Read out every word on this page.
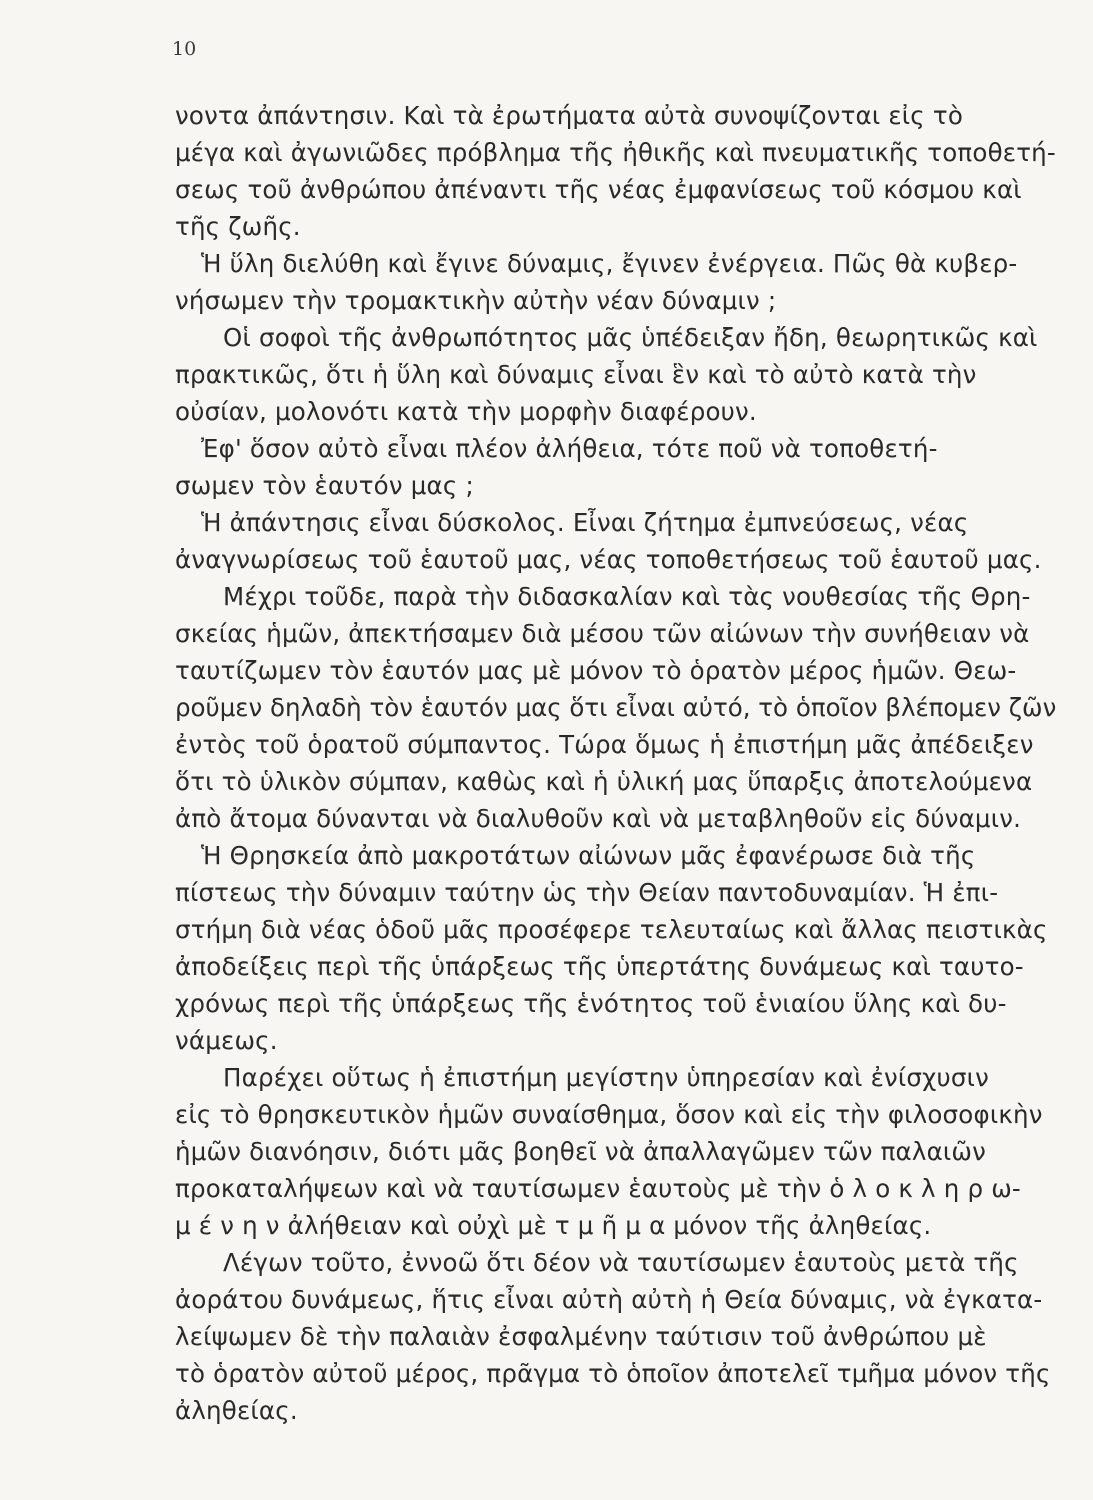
10
νοντα ἀπάντησιν. Καὶ τὰ ἐρωτήματα αὐτὰ συνοψίζονται εἰς τὸ
μέγα καὶ ἀγωνιῶδες πρόβλημα τῆς ἠθικῆς καὶ πνευματικῆς τοποθετή-
σεως τοῦ ἀνθρώπου ἀπέναντι τῆς νέας ἐμφανίσεως τοῦ κόσμου καὶ
τῆς ζωῆς.
Ἡ ὕλη διελύθη καὶ ἔγινε δύναμις, ἔγινεν ἐνέργεια. Πῶς θὰ κυβερ-
νήσωμεν τὴν τρομακτικὴν αὐτὴν νέαν δύναμιν ;
Οἱ σοφοὶ τῆς ἀνθρωπότητος μᾶς ὑπέδειξαν ἤδη, θεωρητικῶς καὶ
πρακτικῶς, ὅτι ἡ ὕλη καὶ δύναμις εἶναι ἓν καὶ τὸ αὐτὸ κατὰ τὴν
οὐσίαν, μολονότι κατὰ τὴν μορφὴν διαφέρουν.
Ἐφ' ὅσον αὐτὸ εἶναι πλέον ἀλήθεια, τότε ποῦ νὰ τοποθετή-
σωμεν τὸν ἑαυτόν μας ;
Ἡ ἀπάντησις εἶναι δύσκολος. Εἶναι ζήτημα ἐμπνεύσεως, νέας
ἀναγνωρίσεως τοῦ ἑαυτοῦ μας, νέας τοποθετήσεως τοῦ ἑαυτοῦ μας.
Μέχρι τοῦδε, παρὰ τὴν διδασκαλίαν καὶ τὰς νουθεσίας τῆς Θρη-
σκείας ἡμῶν, ἀπεκτήσαμεν διὰ μέσου τῶν αἰώνων τὴν συνήθειαν νὰ
ταυτίζωμεν τὸν ἑαυτόν μας μὲ μόνον τὸ ὁρατὸν μέρος ἡμῶν. Θεω-
ροῦμεν δηλαδὴ τὸν ἑαυτόν μας ὅτι εἶναι αὐτό, τὸ ὁποῖον βλέπομεν ζῶν
ἐντὸς τοῦ ὁρατοῦ σύμπαντος. Τώρα ὅμως ἡ ἐπιστήμη μᾶς ἀπέδειξεν
ὅτι τὸ ὑλικὸν σύμπαν, καθὼς καὶ ἡ ὑλική μας ὕπαρξις ἀποτελούμενα
ἀπὸ ἄτομα δύνανται νὰ διαλυθοῦν καὶ νὰ μεταβληθοῦν εἰς δύναμιν.
Ἡ Θρησκεία ἀπὸ μακροτάτων αἰώνων μᾶς ἐφανέρωσε διὰ τῆς
πίστεως τὴν δύναμιν ταύτην ὡς τὴν Θείαν παντοδυναμίαν. Ἡ ἐπι-
στήμη διὰ νέας ὁδοῦ μᾶς προσέφερε τελευταίως καὶ ἄλλας πειστικὰς
ἀποδείξεις περὶ τῆς ὑπάρξεως τῆς ὑπερτάτης δυνάμεως καὶ ταυτο-
χρόνως περὶ τῆς ὑπάρξεως τῆς ἑνότητος τοῦ ἑνιαίου ὕλης καὶ δυ-
νάμεως.
Παρέχει οὕτως ἡ ἐπιστήμη μεγίστην ὑπηρεσίαν καὶ ἐνίσχυσιν
εἰς τὸ θρησκευτικὸν ἡμῶν συναίσθημα, ὅσον καὶ εἰς τὴν φιλοσοφικὴν
ἡμῶν διανόησιν, διότι μᾶς βοηθεῖ νὰ ἀπαλλαγῶμεν τῶν παλαιῶν
προκαταλήψεων καὶ νὰ ταυτίσωμεν ἑαυτοὺς μὲ τὴν ὁ λ ο κ λ η ρ ω-
μ έ ν η ν ἀλήθειαν καὶ οὐχὶ μὲ τ μ ῆ μ α μόνον τῆς ἀληθείας.
Λέγων τοῦτο, ἐννοῶ ὅτι δέον νὰ ταυτίσωμεν ἑαυτοὺς μετὰ τῆς
ἀοράτου δυνάμεως, ἥτις εἶναι αὐτὴ αὐτὴ ἡ Θεία δύναμις, νὰ ἐγκατα-
λείψωμεν δὲ τὴν παλαιὰν ἐσφαλμένην ταύτισιν τοῦ ἀνθρώπου μὲ
τὸ ὁρατὸν αὐτοῦ μέρος, πρᾶγμα τὸ ὁποῖον ἀποτελεῖ τμῆμα μόνον τῆς
ἀληθείας.
